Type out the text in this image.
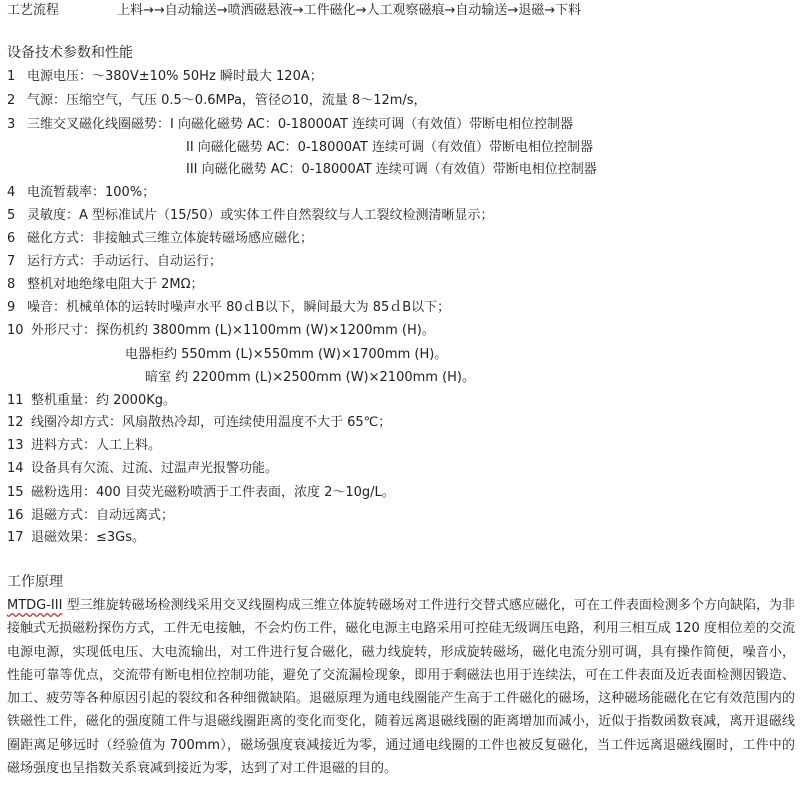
工艺流程	上料→→自动输送→喷洒磁悬液→工件磁化→人工观察磁痕→自动输送→退磁→下料
设备技术参数和性能
1 电源电压：～380V±10% 50Hz 瞬时最大 120A；
2 气源：压缩空气，气压 0.5～0.6MPa，管径∅10，流量 8～12m/s，
3 三维交叉磁化线圈磁势：I 向磁化磁势 AC：0-18000AT 连续可调（有效值）带断电相位控制器
II 向磁化磁势 AC：0-18000AT 连续可调（有效值）带断电相位控制器
III 向磁化磁势 AC：0-18000AT 连续可调（有效值）带断电相位控制器
4 电流暂载率：100%；
5 灵敏度：A 型标准试片（15/50）或实体工件自然裂纹与人工裂纹检测清晰显示；
6 磁化方式：非接触式三维立体旋转磁场感应磁化；
7 运行方式：手动运行、自动运行；
8 整机对地绝缘电阻大于 2MΩ；
9 噪音：机械单体的运转时噪声水平 80ｄB以下，瞬间最大为 85ｄB以下；
10 外形尺寸：探伤机约 3800mm (L)×1100mm (W)×1200mm (H)。
电器柜约 550mm (L)×550mm (W)×1700mm (H)。
暗室 约 2200mm (L)×2500mm (W)×2100mm (H)。
11 整机重量：约 2000Kg。
12 线圈冷却方式：风扇散热冷却，可连续使用温度不大于 65℃；
13 进料方式：人工上料。
14 设备具有欠流、过流、过温声光报警功能。
15 磁粉选用：400 目荧光磁粉喷洒于工件表面，浓度 2～10g/L。
16 退磁方式：自动远离式；
17 退磁效果：≤3Gs。
工作原理
MTDG-III 型三维旋转磁场检测线采用交叉线圈构成三维立体旋转磁场对工件进行交替式感应磁化，可在工件表面检测多个方向缺陷，为非接触式无损磁粉探伤方式，工件无电接触，不会灼伤工件，磁化电源主电路采用可控硅无级调压电路，利用三相互成 120 度相位差的交流电源电源，实现低电压、大电流输出，对工件进行复合磁化，磁力线旋转，形成旋转磁场，磁化电流分别可调，具有操作简便，噪音小，性能可靠等优点，交流带有断电相位控制功能，避免了交流漏检现象，即用于剩磁法也用于连续法，可在工件表面及近表面检测因锻造、加工、疲劳等各种原因引起的裂纹和各种细微缺陷。退磁原理为通电线圈能产生高于工件磁化的磁场，这种磁场能磁化在它有效范围内的铁磁性工件，磁化的强度随工件与退磁线圈距离的变化而变化，随着远离退磁线圈的距离增加而减小，近似于指数函数衰减，离开退磁线圈距离足够远时（经验值为 700mm），磁场强度衰减接近为零，通过通电线圈的工件也被反复磁化，当工件远离退磁线圈时，工件中的磁场强度也呈指数关系衰减到接近为零，达到了对工件退磁的目的。
